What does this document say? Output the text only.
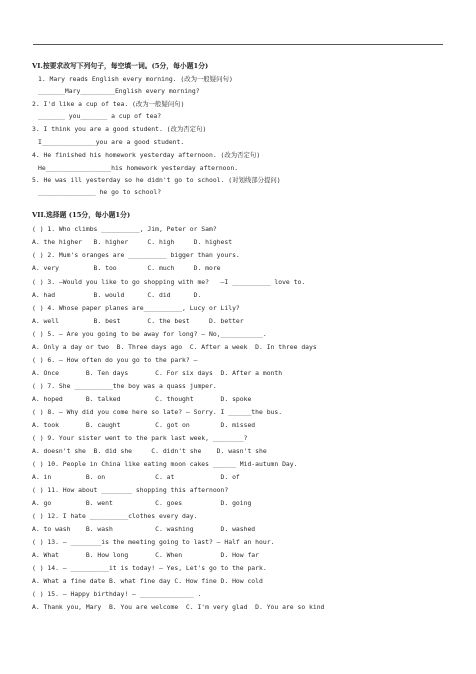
VI.按要求改写下列句子，每空填一词。(5分，每小题1分)
1. Mary reads English every morning. (改为一般疑问句)
_______Mary_________English every morning?
2. I'd like a cup of tea. (改为一般疑问句)
_______ you_______ a cup of tea?
3. I think you are a good student. (改为否定句)
I______________you are a good student.
4. He finished his homework yesterday afternoon. (改为否定句)
He_________________his homework yesterday afternoon.
5. He was ill yesterday so he didn't go to school. (对划线部分提问)
_______________ he go to school?
VII.选择题 (15分，每小题1分)
( ) 1. Who climbs __________, Jim, Peter or Sam?
A. the higher   B. higher     C. high     D. highest
( ) 2. Mum's oranges are __________ bigger than yours.
A. very         B. too        C. much     D. more
( ) 3. —Would you like to go shopping with me?   —I __________ love to.
A. had          B. would      C. did      D.
( ) 4. Whose paper planes are__________, Lucy or Lily?
A. well         B. best       C. the best     D. better
( ) 5. — Are you going to be away for long? — No,___________.
A. Only a day or two  B. Three days ago  C. After a week  D. In three days
( ) 6. — How often do you go to the park? —
A. Once       B. Ten days       C. For six days  D. After a month
( ) 7. She __________the boy was a quass jumper.
A. hoped      B. talked         C. thought       D. spoke
( ) 8. — Why did you come here so late? — Sorry. I ______the bus.
A. took       B. caught         C. got on        D. missed
( ) 9. Your sister went to the park last week, ________?
A. doesn't she  B. did she     C. didn't she    D. wasn't she
( ) 10. People in China like eating moon cakes ______ Mid-autumn Day.
A. in         B. on             C. at            D. of
( ) 11. How about ________ shopping this afternoon?
A. go         B. went           C. goes          D. going
( ) 12. I hate __________clothes every day.
A. to wash    B. wash           C. washing       D. washed
( ) 13. — ________is the meeting going to last? — Half an hour.
A. What       B. How long       C. When          D. How far
( ) 14. — __________it is today! — Yes, Let's go to the park.
A. What a fine date B. what fine day C. How fine D. How cold
( ) 15. — Happy birthday! — ______________ .
A. Thank you, Mary  B. You are welcome  C. I'm very glad  D. You are so kind
